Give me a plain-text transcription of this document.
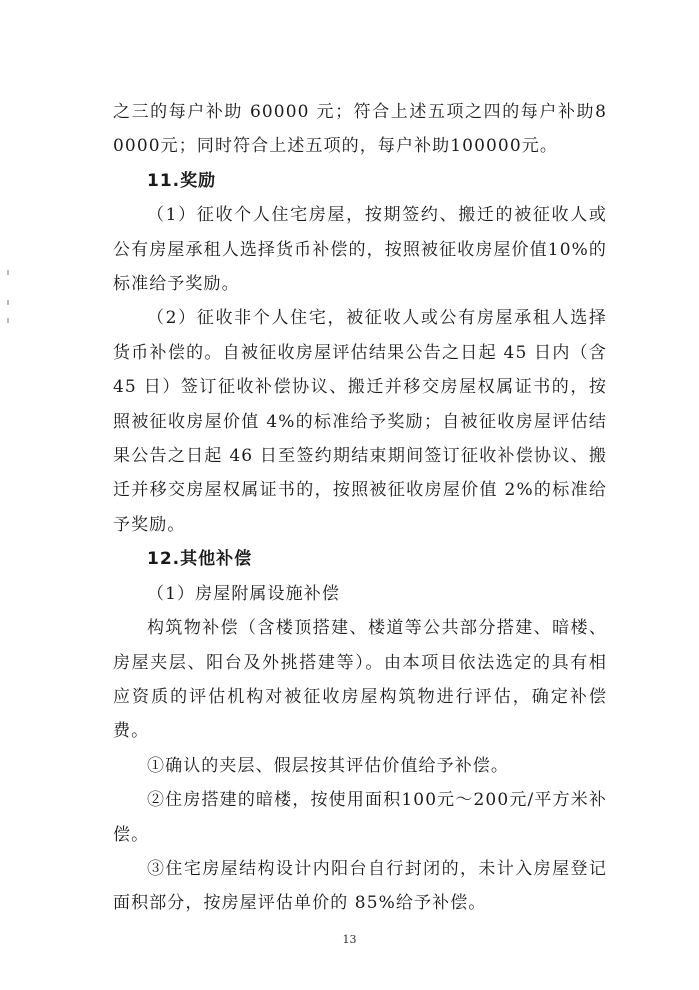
之三的每户补助 60000 元；符合上述五项之四的每户补助80000元；同时符合上述五项的，每户补助100000元。

11.奖励

（1）征收个人住宅房屋，按期签约、搬迁的被征收人或公有房屋承租人选择货币补偿的，按照被征收房屋价值10%的标准给予奖励。

（2）征收非个人住宅，被征收人或公有房屋承租人选择货币补偿的。自被征收房屋评估结果公告之日起 45 日内（含 45 日）签订征收补偿协议、搬迁并移交房屋权属证书的，按照被征收房屋价值 4%的标准给予奖励；自被征收房屋评估结果公告之日起 46 日至签约期结束期间签订征收补偿协议、搬迁并移交房屋权属证书的，按照被征收房屋价值 2%的标准给予奖励。

12.其他补偿

（1）房屋附属设施补偿

构筑物补偿（含楼顶搭建、楼道等公共部分搭建、暗楼、房屋夹层、阳台及外挑搭建等）。由本项目依法选定的具有相应资质的评估机构对被征收房屋构筑物进行评估，确定补偿费。

①确认的夹层、假层按其评估价值给予补偿。

②住房搭建的暗楼，按使用面积100元～200元/平方米补偿。

③住宅房屋结构设计内阳台自行封闭的，未计入房屋登记面积部分，按房屋评估单价的 85%给予补偿。

13
